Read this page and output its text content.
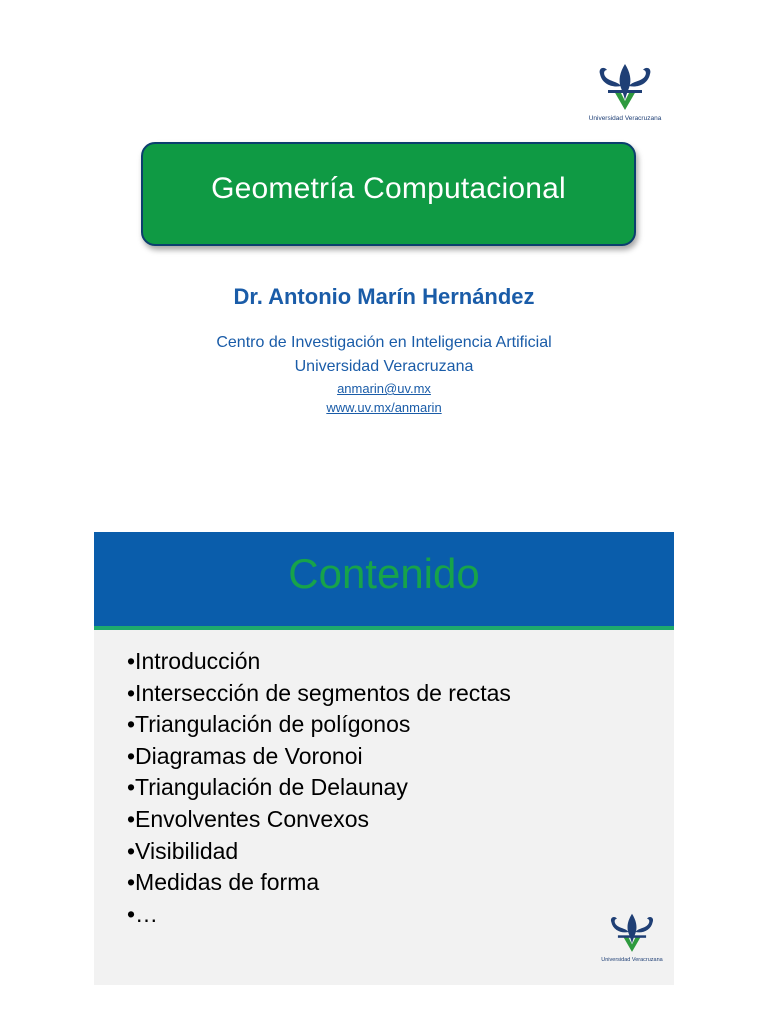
Universidad Veracruzana
Geometría Computacional
Dr. Antonio Marín Hernández
Centro de Investigación en Inteligencia Artificial
Universidad Veracruzana
anmarin@uv.mx
www.uv.mx/anmarin
Contenido
•Introducción
•Intersección de segmentos de rectas
•Triangulación de polígonos
•Diagramas de Voronoi
•Triangulación de Delaunay
•Envolventes Convexos
•Visibilidad
•Medidas de forma
•…
Universidad Veracruzana
